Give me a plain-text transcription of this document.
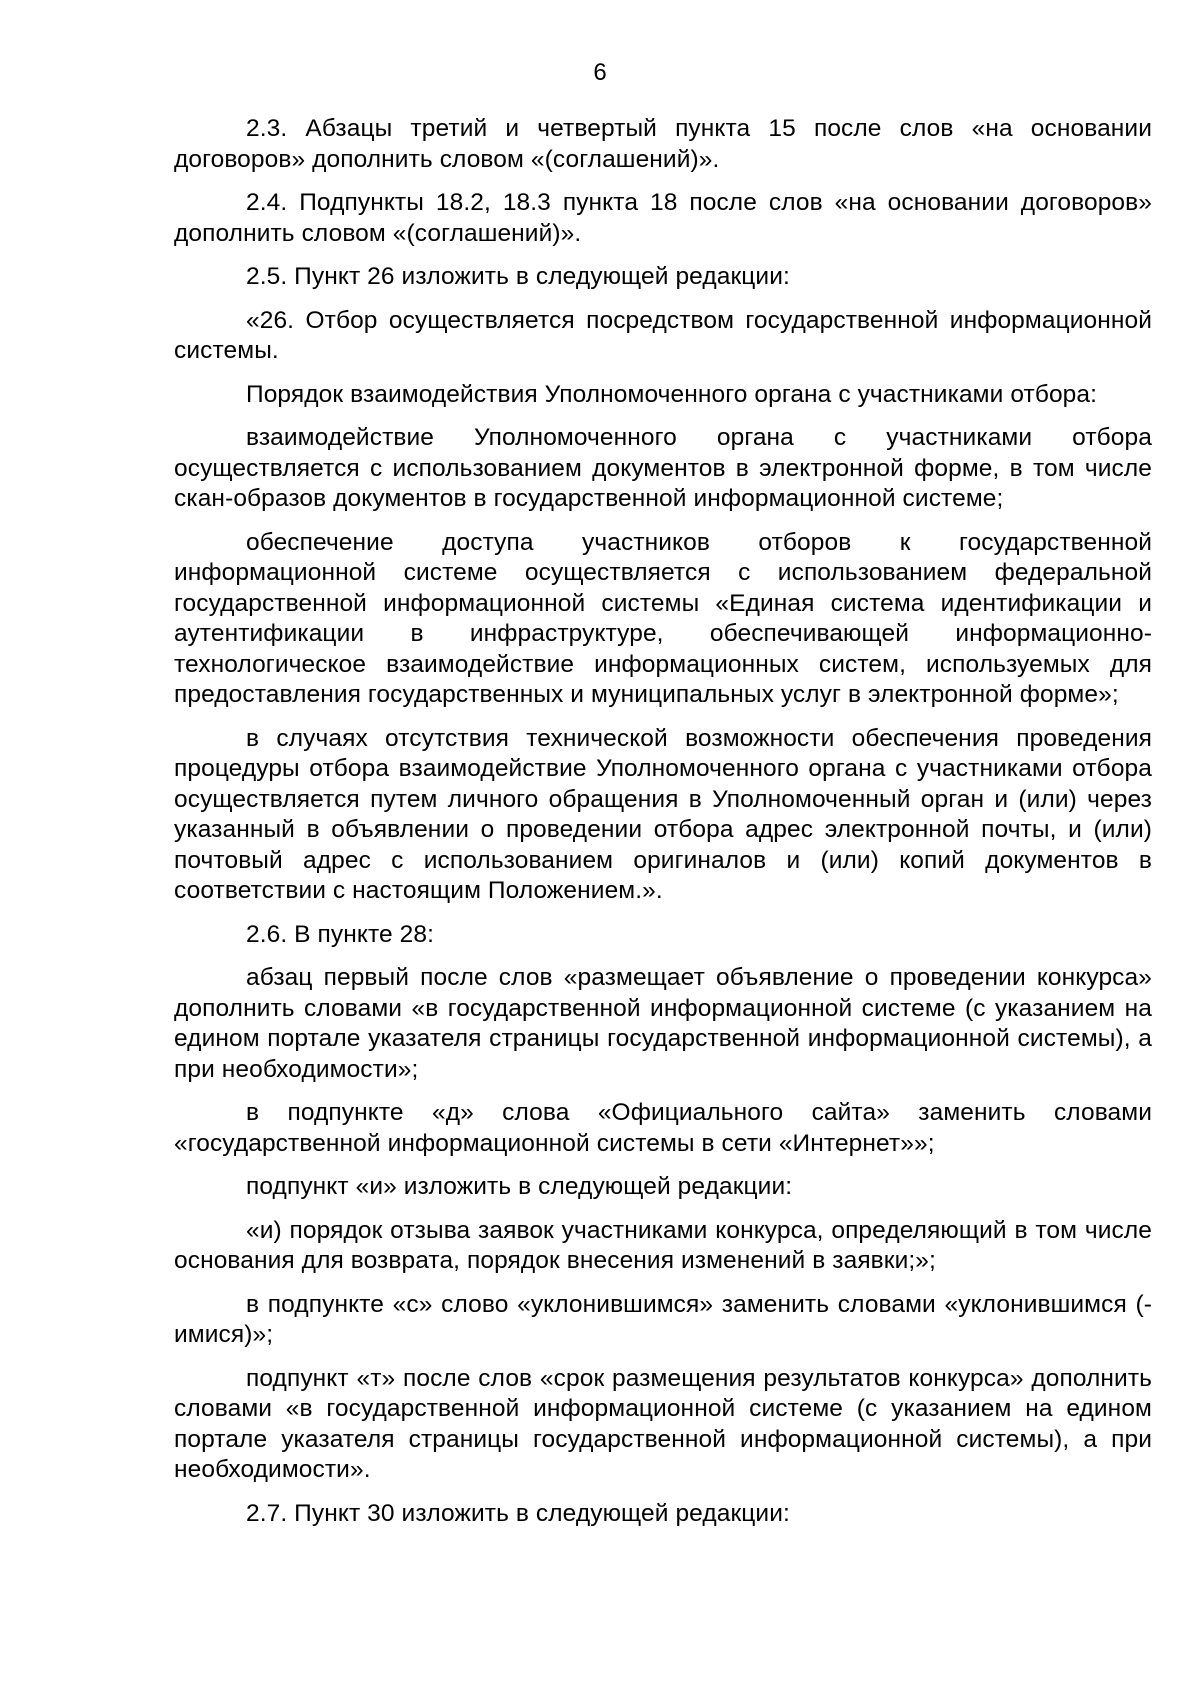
6

2.3. Абзацы третий и четвертый пункта 15 после слов «на основании договоров» дополнить словом «(соглашений)».

2.4. Подпункты 18.2, 18.3 пункта 18 после слов «на основании договоров» дополнить словом «(соглашений)».

2.5. Пункт 26 изложить в следующей редакции:

«26. Отбор осуществляется посредством государственной информационной системы.

Порядок взаимодействия Уполномоченного органа с участниками отбора:

взаимодействие Уполномоченного органа с участниками отбора осуществляется с использованием документов в электронной форме, в том числе скан-образов документов в государственной информационной системе;

обеспечение доступа участников отборов к государственной информационной системе осуществляется с использованием федеральной государственной информационной системы «Единая система идентификации и аутентификации в инфраструктуре, обеспечивающей информационно-технологическое взаимодействие информационных систем, используемых для предоставления государственных и муниципальных услуг в электронной форме»;

в случаях отсутствия технической возможности обеспечения проведения процедуры отбора взаимодействие Уполномоченного органа с участниками отбора осуществляется путем личного обращения в Уполномоченный орган и (или) через указанный в объявлении о проведении отбора адрес электронной почты, и (или) почтовый адрес с использованием оригиналов и (или) копий документов в соответствии с настоящим Положением.».

2.6. В пункте 28:

абзац первый после слов «размещает объявление о проведении конкурса» дополнить словами «в государственной информационной системе (с указанием на едином портале указателя страницы государственной информационной системы), а при необходимости»;

в подпункте «д» слова «Официального сайта» заменить словами «государственной информационной системы в сети «Интернет»»;

подпункт «и» изложить в следующей редакции:

«и) порядок отзыва заявок участниками конкурса, определяющий в том числе основания для возврата, порядок внесения изменений в заявки;»;

в подпункте «с» слово «уклонившимся» заменить словами «уклонившимся (- имися)»;

подпункт «т» после слов «срок размещения результатов конкурса» дополнить словами «в государственной информационной системе (с указанием на едином портале указателя страницы государственной информационной системы), а при необходимости».

2.7. Пункт 30 изложить в следующей редакции:
